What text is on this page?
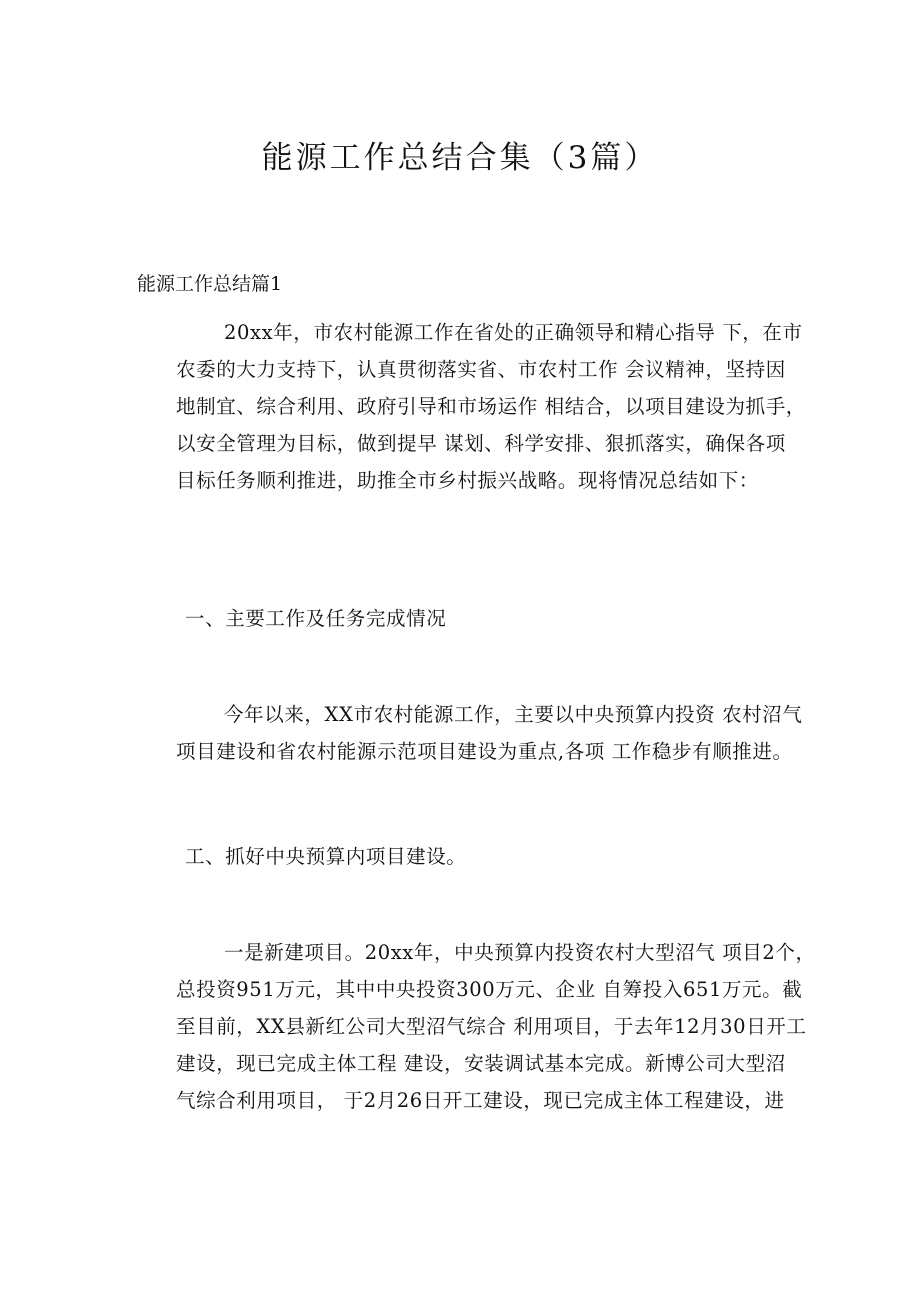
能源工作总结合集（3篇）
能源工作总结篇1
20xx年，市农村能源工作在省处的正确领导和精心指导 下，在市
农委的大力支持下，认真贯彻落实省、市农村工作 会议精神，坚持因
地制宜、综合利用、政府引导和市场运作 相结合，以项目建设为抓手，
以安全管理为目标，做到提早 谋划、科学安排、狠抓落实，确保各项
目标任务顺利推进，助推全市乡村振兴战略。现将情况总结如下：
一、主要工作及任务完成情况
今年以来，XX市农村能源工作，主要以中央预算内投资 农村沼气
项目建设和省农村能源示范项目建设为重点,各项 工作稳步有顺推进。
工、抓好中央预算内项目建设。
一是新建项目。20xx年，中央预算内投资农村大型沼气 项目2个，
总投资951万元，其中中央投资300万元、企业 自筹投入651万元。截
至目前，XX县新红公司大型沼气综合 利用项目，于去年12月30日开工
建设，现已完成主体工程 建设，安装调试基本完成。新博公司大型沼
气综合利用项目， 于2月26日开工建设，现已完成主体工程建设，进
